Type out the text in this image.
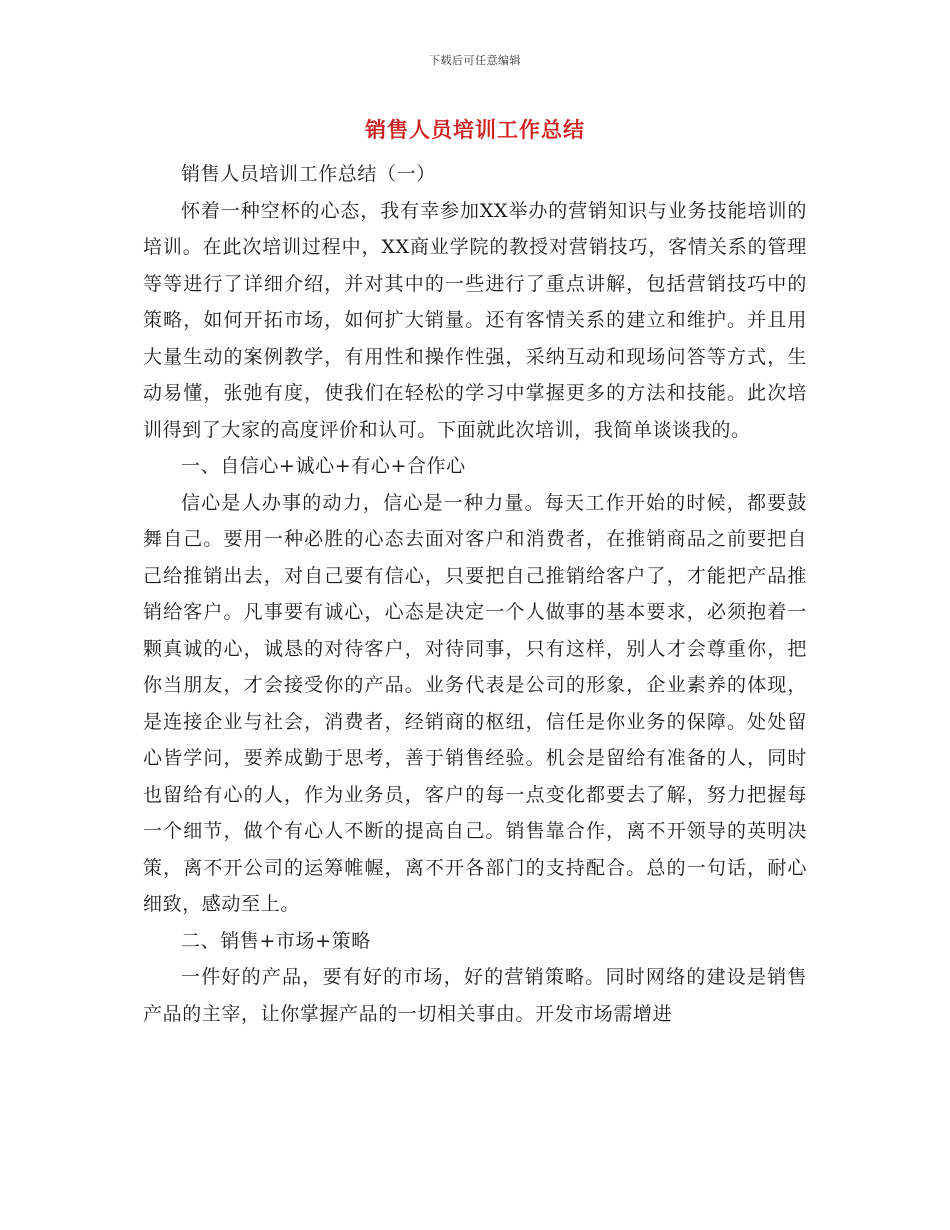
下载后可任意编辑
销售人员培训工作总结

销售人员培训工作总结（一）

怀着一种空杯的心态，我有幸参加XX举办的营销知识与业务技能培训的培训。在此次培训过程中，XX商业学院的教授对营销技巧，客情关系的管理等等进行了详细介绍，并对其中的一些进行了重点讲解，包括营销技巧中的策略，如何开拓市场，如何扩大销量。还有客情关系的建立和维护。并且用大量生动的案例教学，有用性和操作性强，采纳互动和现场问答等方式，生动易懂，张弛有度，使我们在轻松的学习中掌握更多的方法和技能。此次培训得到了大家的高度评价和认可。下面就此次培训，我简单谈谈我的。

一、自信心+诚心+有心+合作心

信心是人办事的动力，信心是一种力量。每天工作开始的时候，都要鼓舞自己。要用一种必胜的心态去面对客户和消费者，在推销商品之前要把自己给推销出去，对自己要有信心，只要把自己推销给客户了，才能把产品推销给客户。凡事要有诚心，心态是决定一个人做事的基本要求，必须抱着一颗真诚的心，诚恳的对待客户，对待同事，只有这样，别人才会尊重你，把你当朋友，才会接受你的产品。业务代表是公司的形象，企业素养的体现，是连接企业与社会，消费者，经销商的枢纽，信任是你业务的保障。处处留心皆学问，要养成勤于思考，善于销售经验。机会是留给有准备的人，同时也留给有心的人，作为业务员，客户的每一点变化都要去了解，努力把握每一个细节，做个有心人不断的提高自己。销售靠合作，离不开领导的英明决策，离不开公司的运筹帷幄，离不开各部门的支持配合。总的一句话，耐心细致，感动至上。

二、销售+市场+策略

一件好的产品，要有好的市场，好的营销策略。同时网络的建设是销售产品的主宰，让你掌握产品的一切相关事由。开发市场需增进
